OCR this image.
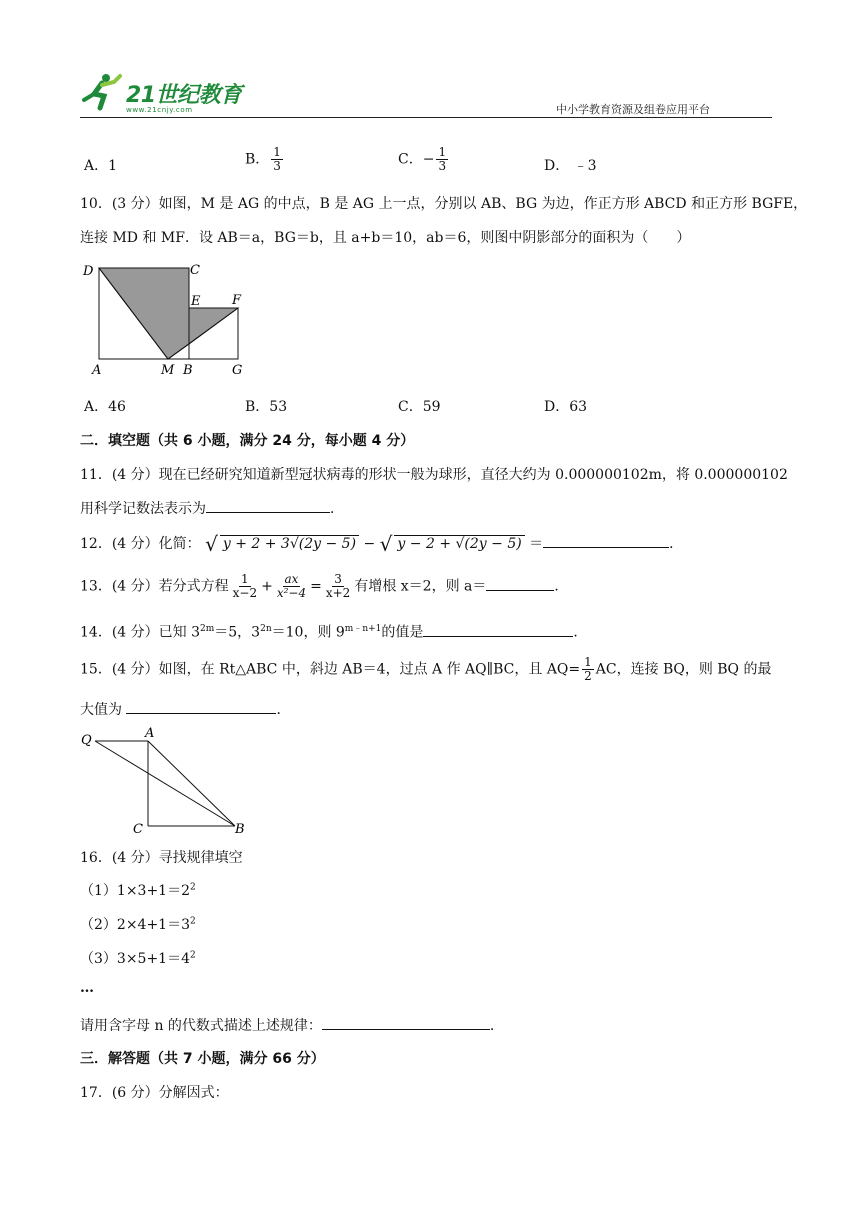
21世纪教育
www.21cnjy.com	中小学教育资源及组卷应用平台
A．1	B． $\frac{1}{3}$	C．− $\frac{1}{3}$	D． ﹣3
10．(3 分）如图，M 是 AG 的中点，B 是 AG 上一点，分别以 AB、BG 为边，作正方形 ABCD 和正方形 BGFE，
连接 MD 和 MF．设 AB＝a，BG＝b，且 a+b＝10，ab＝6，则图中阴影部分的面积为（　　）
D	C
E F
A	M B	G
A．46	B．53	C．59	D．63
二．填空题（共 6 小题，满分 24 分，每小题 4 分）
11．(4 分）现在已经研究知道新型冠状病毒的形状一般为球形，直径大约为 0.000000102m，将 0.000000102
用科学记数法表示为	．
12．(4 分）化简： √ y + 2 + 3√(2y − 5) − √ y − 2 + √(2y − 5) ＝	．
13．(4 分）若分式方程 $\frac{1}{x-2} + \frac{ax}{\text{x²−4}} = \frac{3}{x+2}$ 有增根 x＝2，则 a＝	．
14．(4 分）已知 $3^{2m}=5$，$3^{2n}=10$，则 $9^{m﹣n+1}$的值是	．
15．(4 分）如图，在 Rt△ABC 中，斜边 AB＝4，过点 A 作 AQ∥BC，且 $AQ= \frac{1}{2}$ AC，连接 BQ，则 BQ 的最
大值为	．
Q	A
C	B
16．(4 分）寻找规律填空
$(1)1\times 3+1=2^2$
$(2)2\times 4+1=3^2$
$(3)3\times 5+1=4^2$
…
请用含字母 n 的代数式描述上述规律：	．
三．解答题（共 7 小题，满分 66 分）
17．(6 分）分解因式：
